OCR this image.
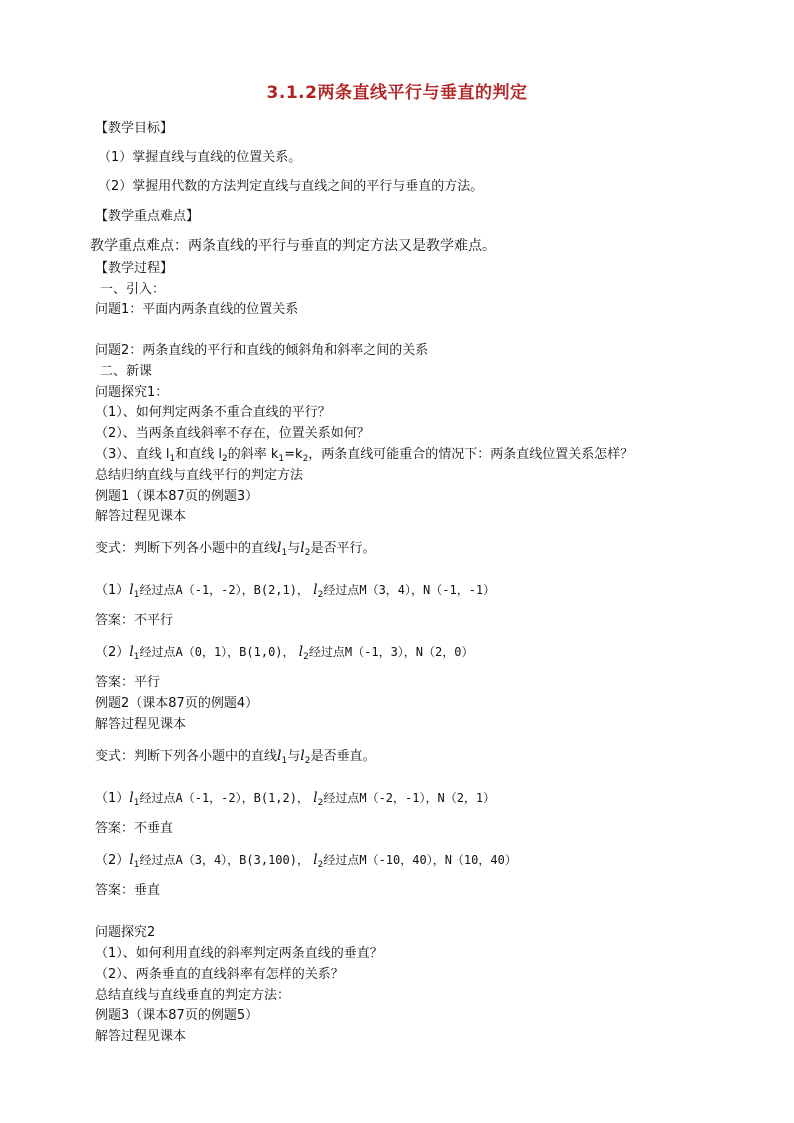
3.1.2两条直线平行与垂直的判定
【教学目标】
（1）掌握直线与直线的位置关系。
（2）掌握用代数的方法判定直线与直线之间的平行与垂直的方法。
【教学重点难点】
教学重点难点：两条直线的平行与垂直的判定方法又是教学难点。
【教学过程】
一、引入：
问题1：平面内两条直线的位置关系
问题2：两条直线的平行和直线的倾斜角和斜率之间的关系
二、新课
问题探究1：
（1）、如何判定两条不重合直线的平行？
（2）、当两条直线斜率不存在，位置关系如何？
（3）、直线 $l_1$和直线 $l_2$的斜率 $k_1=k_2$，两条直线可能重合的情况下：两条直线位置关系怎样？
总结归纳直线与直线平行的判定方法
例题1（课本87页的例题3）
解答过程见课本
变式：判断下列各小题中的直线$l_1$与$l_2$是否平行。
$(1)l_1$经过点A（-1，-2），B(2,1)， $l_2$经过点M（3，4），N（-1，-1）
答案：不平行
$(2)l_1$经过点A（0，1），B(1,0)， $l_2$经过点M（-1，3），N（2，0）
答案：平行
例题2（课本87页的例题4）
解答过程见课本
变式：判断下列各小题中的直线$l_1$与$l_2$是否垂直。
$(1)l_1$经过点A（-1，-2），B(1,2)， $l_2$经过点M（-2，-1），N（2，1）
答案：不垂直
$(2)l_1$经过点A（3，4），B(3,100)， $l_2$经过点M（-10，40），N（10，40）
答案：垂直
问题探究2
（1）、如何利用直线的斜率判定两条直线的垂直？
（2）、两条垂直的直线斜率有怎样的关系？
总结直线与直线垂直的判定方法：
例题3（课本87页的例题5）
解答过程见课本
